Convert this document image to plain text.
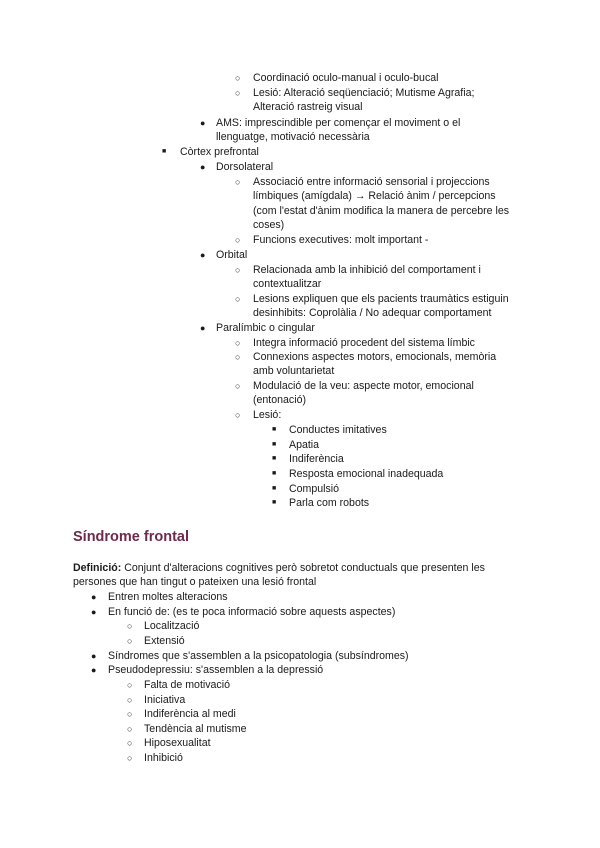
○ Coordinació oculo-manual i oculo-bucal
○ Lesió: Alteració seqüenciació; Mutisme Agrafia;
Alteració rastreig visual
● AMS: imprescindible per començar el moviment o el
llenguatge, motivació necessària
■ Còrtex prefrontal
● Dorsolateral
○ Associació entre informació sensorial i projeccions
límbiques (amígdala) → Relació ànim / percepcions
(com l'estat d'ànim modifica la manera de percebre les
coses)
○ Funcions executives: molt important -
● Orbital
○ Relacionada amb la inhibició del comportament i
contextualitzar
○ Lesions expliquen que els pacients traumàtics estiguin
desinhibits: Coprolàlia / No adequar comportament
● Paralímbic o cingular
○ Integra informació procedent del sistema límbic
○ Connexions aspectes motors, emocionals, memòria
amb voluntarietat
○ Modulació de la veu: aspecte motor, emocional
(entonació)
○ Lesió:
■ Conductes imitatives
■ Apatia
■ Indiferència
■ Resposta emocional inadequada
■ Compulsió
■ Parla com robots
Síndrome frontal
Definició: Conjunt d'alteracions cognitives però sobretot conductuals que presenten les
persones que han tingut o pateixen una lesió frontal
● Entren moltes alteracions
● En funció de: (es te poca informació sobre aquests aspectes)
○ Localització
○ Extensió
● Síndromes que s'assemblen a la psicopatologia (subsíndromes)
● Pseudodepressiu: s'assemblen a la depressió
○ Falta de motivació
○ Iniciativa
○ Indiferència al medi
○ Tendència al mutisme
○ Hiposexualitat
○ Inhibició
